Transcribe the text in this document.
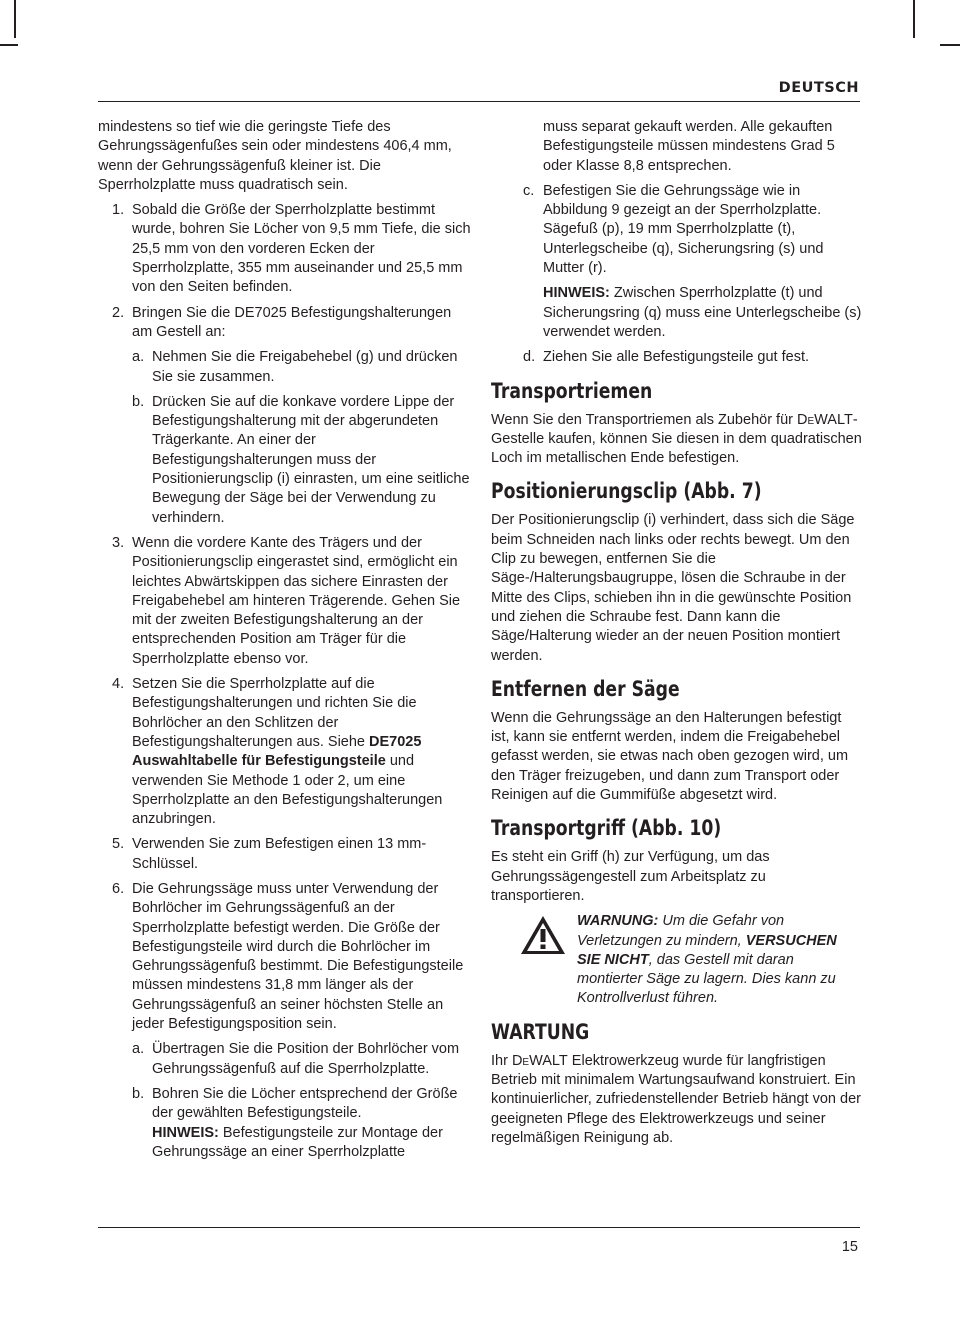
DEUTSCH

mindestens so tief wie die geringste Tiefe des Gehrungssägenfußes sein oder mindestens 406,4 mm, wenn der Gehrungssägenfuß kleiner ist. Die Sperrholzplatte muss quadratisch sein.

1. Sobald die Größe der Sperrholzplatte bestimmt wurde, bohren Sie Löcher von 9,5 mm Tiefe, die sich 25,5 mm von den vorderen Ecken der Sperrholzplatte, 355 mm auseinander und 25,5 mm von den Seiten befinden.
2. Bringen Sie die DE7025 Befestigungshalterungen am Gestell an:
a. Nehmen Sie die Freigabehebel (g) und drücken Sie sie zusammen.
b. Drücken Sie auf die konkave vordere Lippe der Befestigungshalterung mit der abgerundeten Trägerkante. An einer der Befestigungshalterungen muss der Positionierungsclip (i) einrasten, um eine seitliche Bewegung der Säge bei der Verwendung zu verhindern.
3. Wenn die vordere Kante des Trägers und der Positionierungsclip eingerastet sind, ermöglicht ein leichtes Abwärtskippen das sichere Einrasten der Freigabehebel am hinteren Trägerende. Gehen Sie mit der zweiten Befestigungshalterung an der entsprechenden Position am Träger für die Sperrholzplatte ebenso vor.
4. Setzen Sie die Sperrholzplatte auf die Befestigungshalterungen und richten Sie die Bohrlöcher an den Schlitzen der Befestigungshalterungen aus. Siehe DE7025 Auswahltabelle für Befestigungsteile und verwenden Sie Methode 1 oder 2, um eine Sperrholzplatte an den Befestigungshalterungen anzubringen.
5. Verwenden Sie zum Befestigen einen 13 mm-Schlüssel.
6. Die Gehrungssäge muss unter Verwendung der Bohrlöcher im Gehrungssägenfuß an der Sperrholzplatte befestigt werden. Die Größe der Befestigungsteile wird durch die Bohrlöcher im Gehrungssägenfuß bestimmt. Die Befestigungsteile müssen mindestens 31,8 mm länger als der Gehrungssägenfuß an seiner höchsten Stelle an jeder Befestigungsposition sein.
a. Übertragen Sie die Position der Bohrlöcher vom Gehrungssägenfuß auf die Sperrholzplatte.
b. Bohren Sie die Löcher entsprechend der Größe der gewählten Befestigungsteile.
HINWEIS: Befestigungsteile zur Montage der Gehrungssäge an einer Sperrholzplatte

muss separat gekauft werden. Alle gekauften Befestigungsteile müssen mindestens Grad 5 oder Klasse 8,8 entsprechen.

c. Befestigen Sie die Gehrungssäge wie in Abbildung 9 gezeigt an der Sperrholzplatte. Sägefuß (p), 19 mm Sperrholzplatte (t), Unterlegscheibe (q), Sicherungsring (s) und Mutter (r).

HINWEIS: Zwischen Sperrholzplatte (t) und Sicherungsring (q) muss eine Unterlegscheibe (s) verwendet werden.

d. Ziehen Sie alle Befestigungsteile gut fest.
Transportriemen

Wenn Sie den Transportriemen als Zubehör für DeWALT-Gestelle kaufen, können Sie diesen in dem quadratischen Loch im metallischen Ende befestigen.

Positionierungsclip (Abb. 7)

Der Positionierungsclip (i) verhindert, dass sich die Säge beim Schneiden nach links oder rechts bewegt. Um den Clip zu bewegen, entfernen Sie die Säge-/Halterungsbaugruppe, lösen die Schraube in der Mitte des Clips, schieben ihn in die gewünschte Position und ziehen die Schraube fest. Dann kann die Säge/Halterung wieder an der neuen Position montiert werden.

Entfernen der Säge

Wenn die Gehrungssäge an den Halterungen befestigt ist, kann sie entfernt werden, indem die Freigabehebel gefasst werden, sie etwas nach oben gezogen wird, um den Träger freizugeben, und dann zum Transport oder Reinigen auf die Gummifüße abgesetzt wird.

Transportgriff (Abb. 10)

Es steht ein Griff (h) zur Verfügung, um das Gehrungssägengestell zum Arbeitsplatz zu transportieren.

WARNUNG: Um die Gefahr von Verletzungen zu mindern, VERSUCHEN SIE NICHT, das Gestell mit daran montierter Säge zu lagern. Dies kann zu Kontrollverlust führen.
WARTUNG

Ihr DeWALT Elektrowerkzeug wurde für langfristigen Betrieb mit minimalem Wartungsaufwand konstruiert. Ein kontinuierlicher, zufriedenstellender Betrieb hängt von der geeigneten Pflege des Elektrowerkzeugs und seiner regelmäßigen Reinigung ab.

15
